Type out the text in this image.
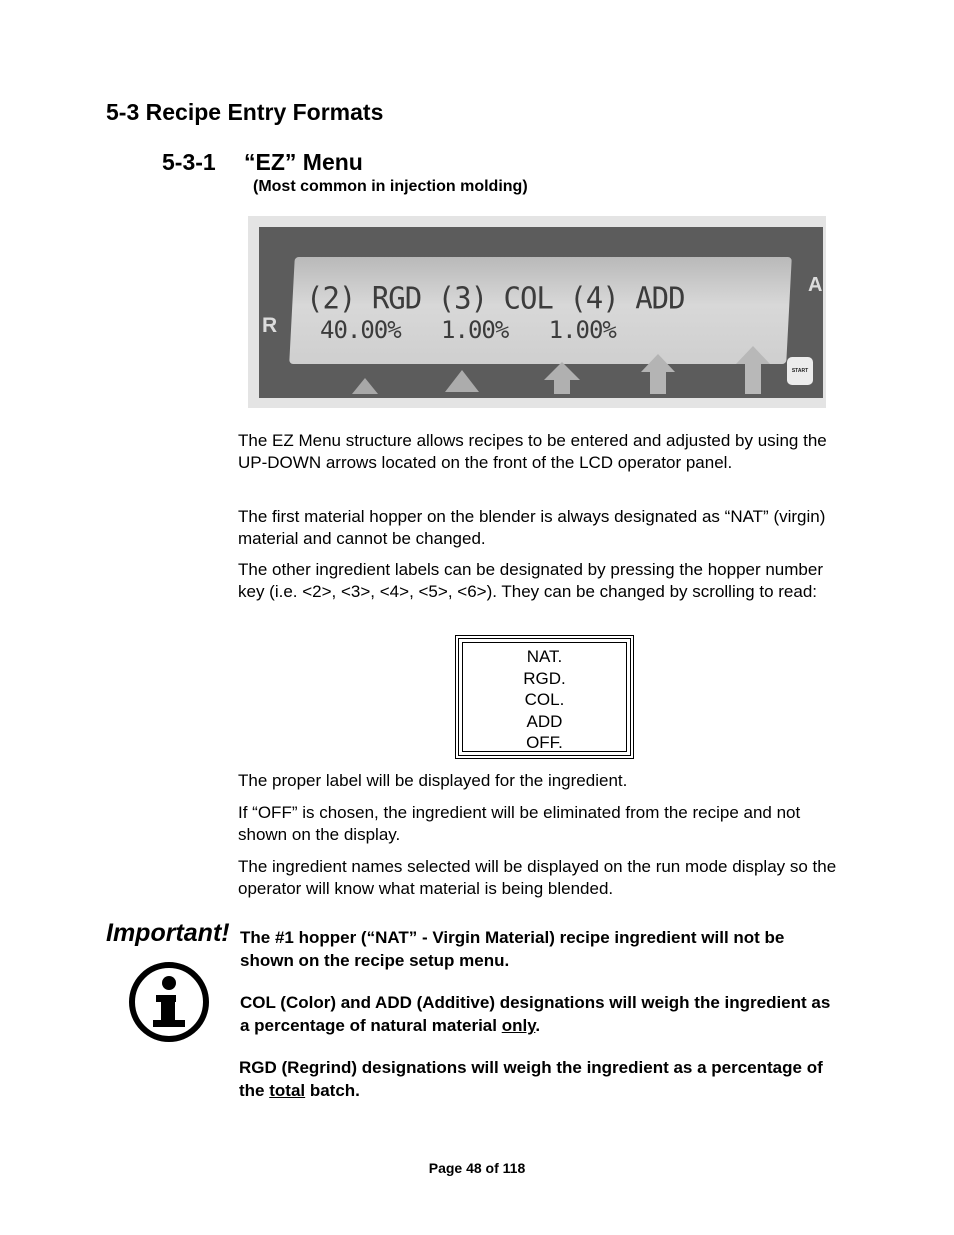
5-3 Recipe Entry Formats
5-3-1 “EZ” Menu
(Most common in injection molding)
(2) RGD (3) COL (4) ADD
40.00%   1.00%   1.00%
R
A
START

The EZ Menu structure allows recipes to be entered and adjusted by using the UP-DOWN arrows located on the front of the LCD operator panel.

The first material hopper on the blender is always designated as “NAT” (virgin) material and cannot be changed.

The other ingredient labels can be designated by pressing the hopper number key (i.e. <2>, <3>, <4>, <5>, <6>). They can be changed by scrolling to read:

NAT.
RGD.
COL.
ADD
OFF.

The proper label will be displayed for the ingredient.

If “OFF” is chosen, the ingredient will be eliminated from the recipe and not shown on the display.

The ingredient names selected will be displayed on the run mode display so the operator will know what material is being blended.

Important! The #1 hopper (“NAT” - Virgin Material) recipe ingredient will not be shown on the recipe setup menu.

COL (Color) and ADD (Additive) designations will weigh the ingredient as a percentage of natural material only.

RGD (Regrind) designations will weigh the ingredient as a percentage of the total batch.

Page 48 of 118
